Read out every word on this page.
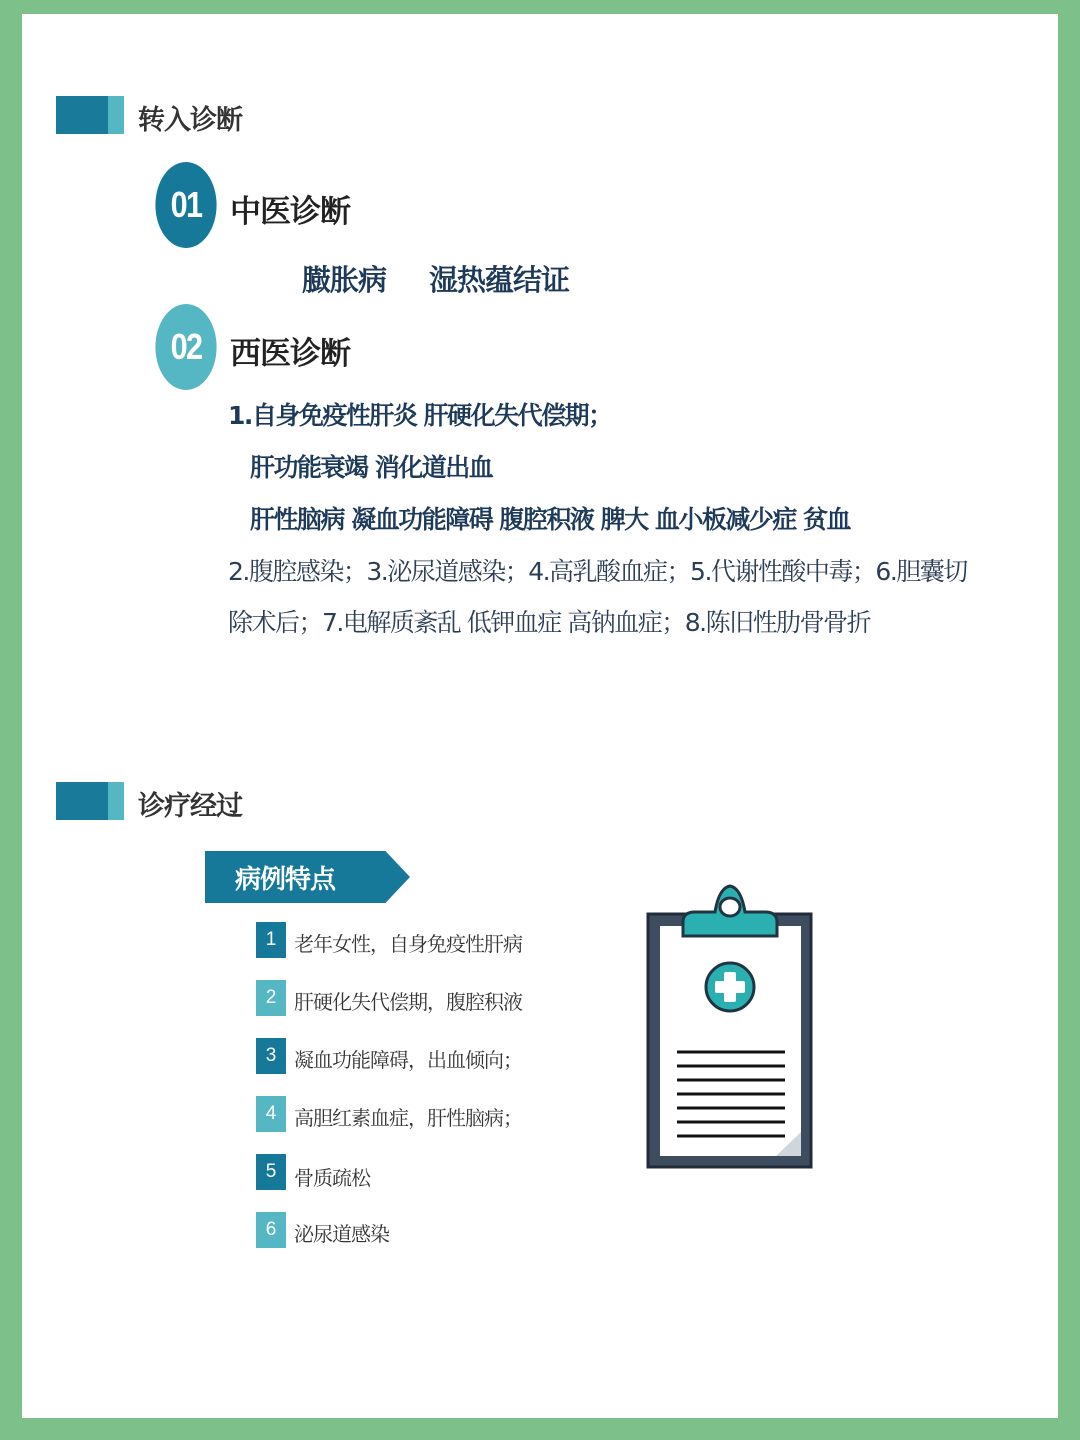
转入诊断
01 中医诊断
臌胀病 湿热蕴结证
02 西医诊断
1.自身免疫性肝炎 肝硬化失代偿期；
肝功能衰竭 消化道出血
肝性脑病 凝血功能障碍 腹腔积液 脾大 血小板减少症 贫血
2.腹腔感染；3.泌尿道感染；4.高乳酸血症；5.代谢性酸中毒；6.胆囊切
除术后；7.电解质紊乱 低钾血症 高钠血症；8.陈旧性肋骨骨折
诊疗经过
病例特点
1 老年女性，自身免疫性肝病
2 肝硬化失代偿期，腹腔积液
3 凝血功能障碍，出血倾向；
4 高胆红素血症，肝性脑病；
5 骨质疏松
6 泌尿道感染
